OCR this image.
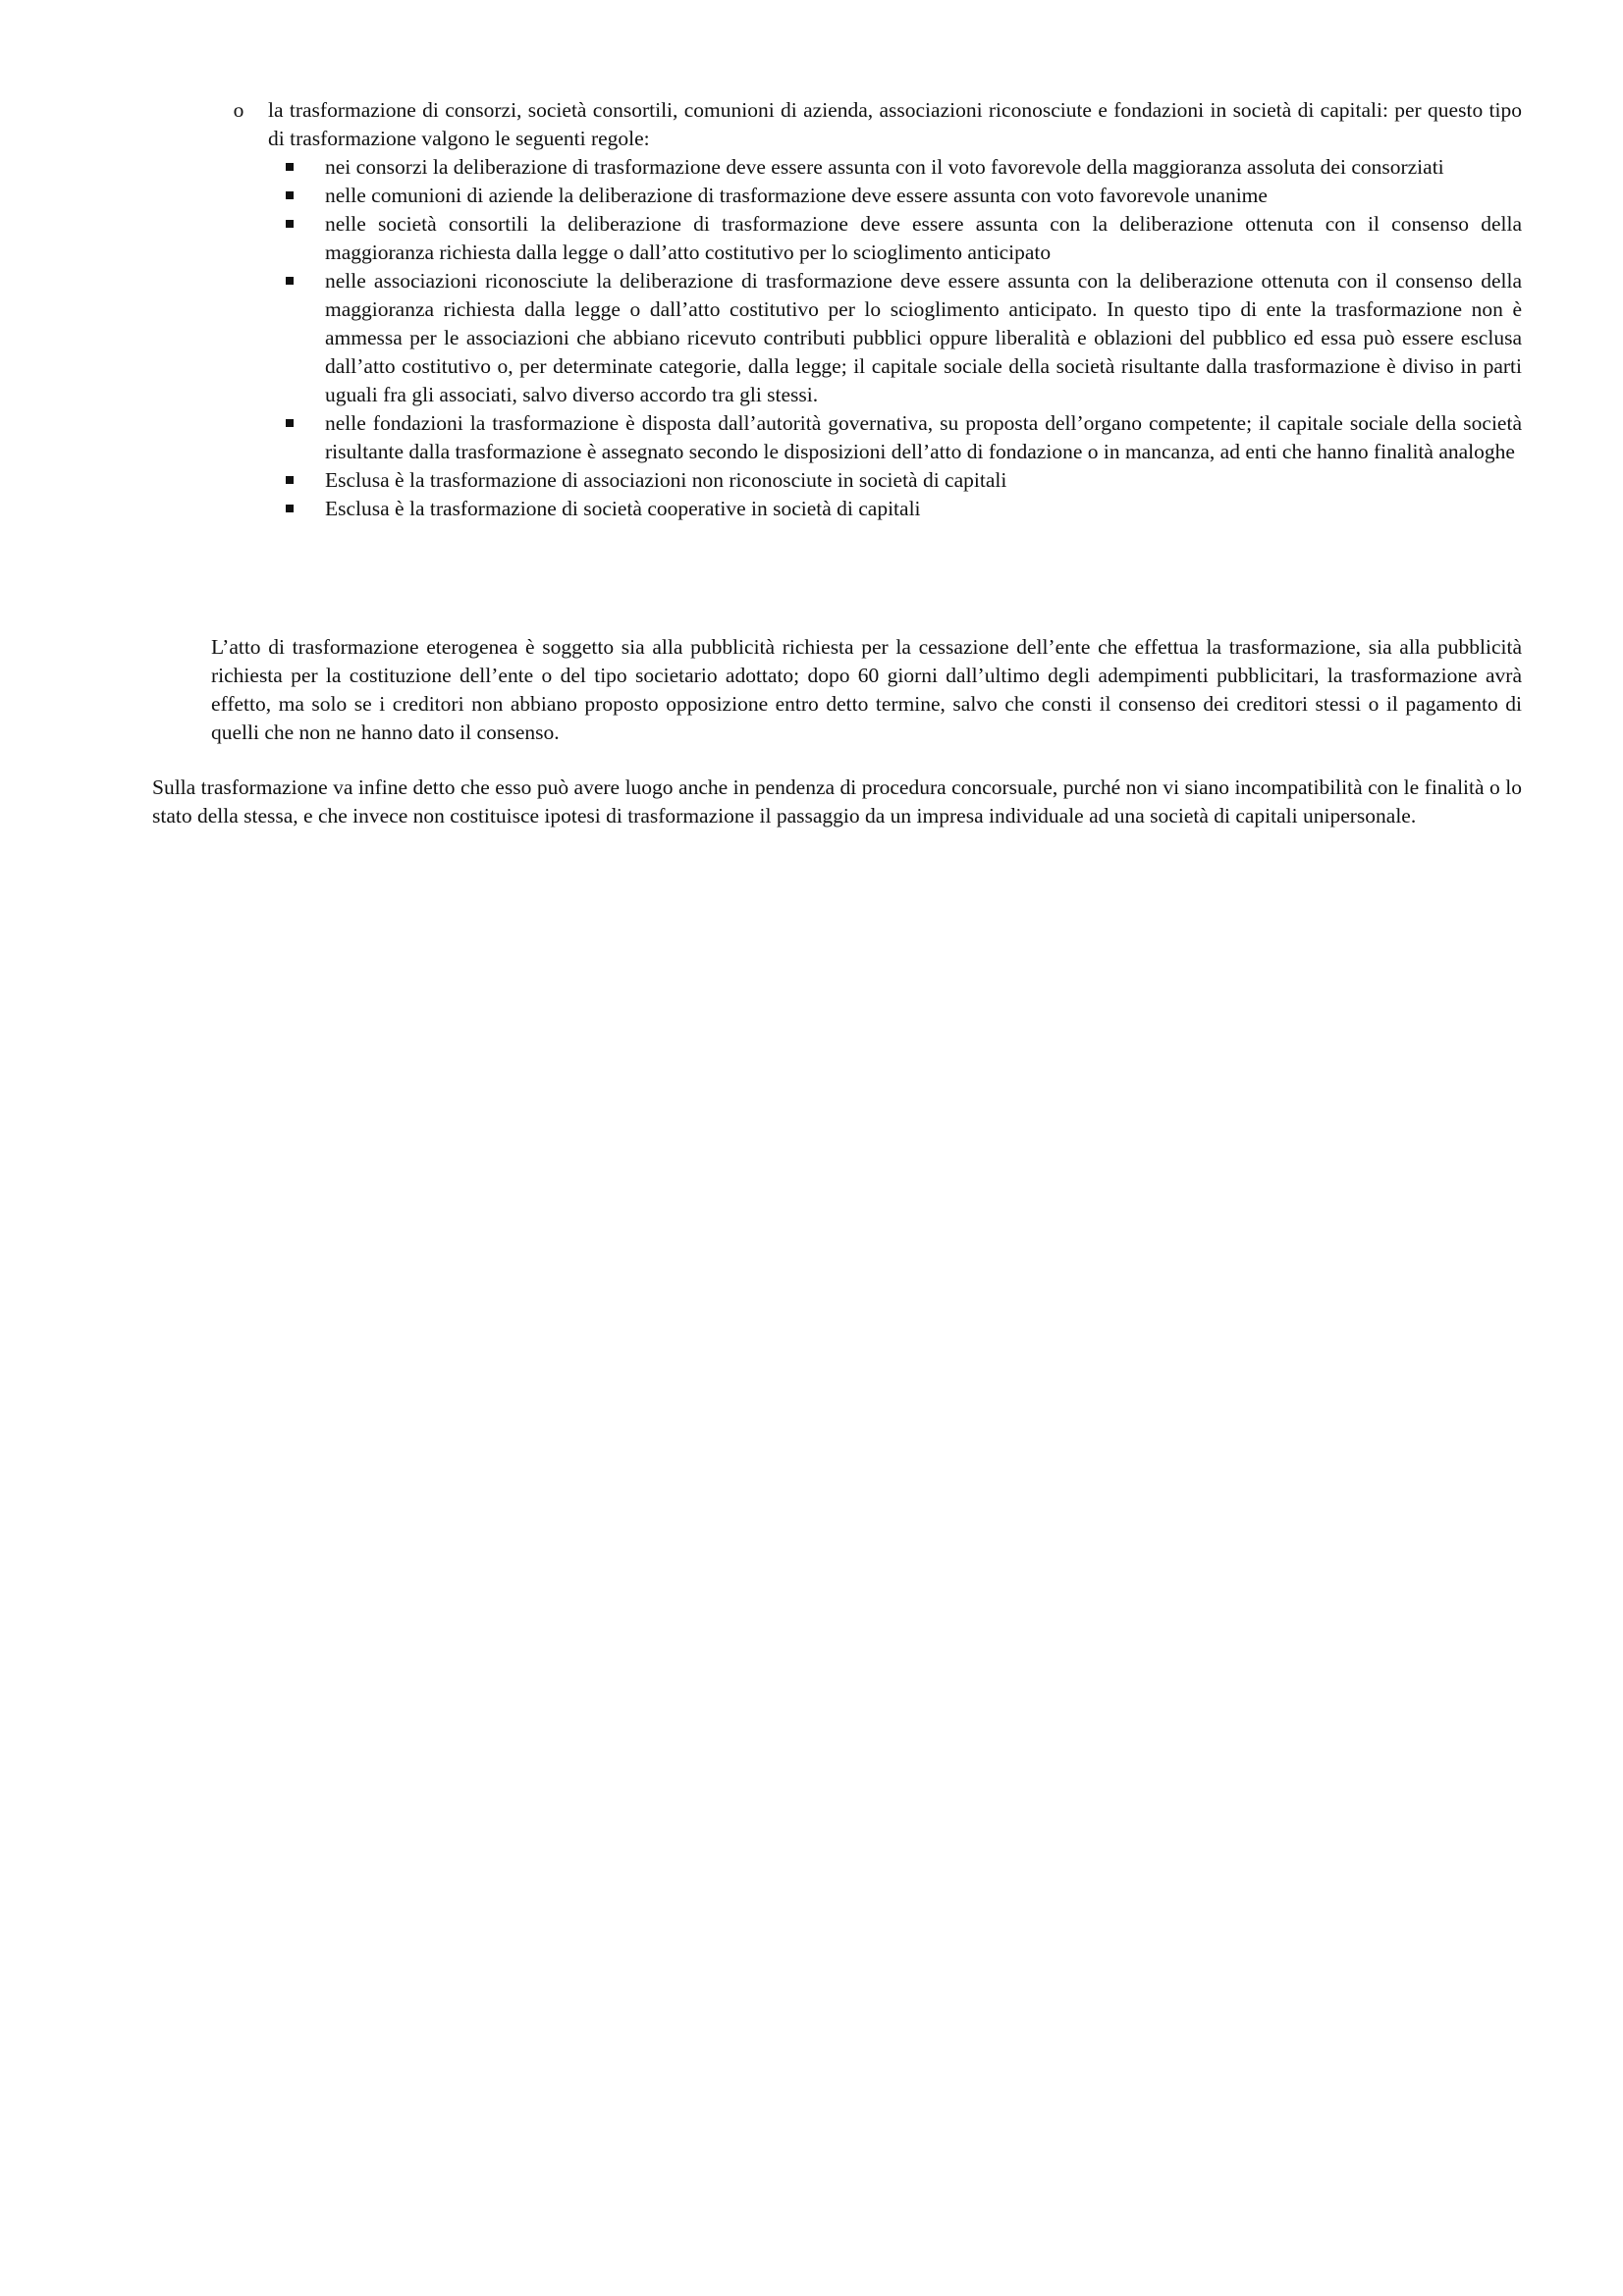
o la trasformazione di consorzi, società consortili, comunioni di azienda, associazioni riconosciute e fondazioni in società di capitali: per questo tipo di trasformazione valgono le seguenti regole:
nei consorzi la deliberazione di trasformazione deve essere assunta con il voto favorevole della maggioranza assoluta dei consorziati
nelle comunioni di aziende la deliberazione di trasformazione deve essere assunta con voto favorevole unanime
nelle società consortili la deliberazione di trasformazione deve essere assunta con la deliberazione ottenuta con il consenso della maggioranza richiesta dalla legge o dall’atto costitutivo per lo scioglimento anticipato
nelle associazioni riconosciute la deliberazione di trasformazione deve essere assunta con la deliberazione ottenuta con il consenso della maggioranza richiesta dalla legge o dall’atto costitutivo per lo scioglimento anticipato. In questo tipo di ente la trasformazione non è ammessa per le associazioni che abbiano ricevuto contributi pubblici oppure liberalità e oblazioni del pubblico ed essa può essere esclusa dall’atto costitutivo o, per determinate categorie, dalla legge; il capitale sociale della società risultante dalla trasformazione è diviso in parti uguali fra gli associati, salvo diverso accordo tra gli stessi.
nelle fondazioni la trasformazione è disposta dall’autorità governativa, su proposta dell’organo competente; il capitale sociale della società risultante dalla trasformazione è assegnato secondo le disposizioni dell’atto di fondazione o in mancanza, ad enti che hanno finalità analoghe
Esclusa è la trasformazione di associazioni non riconosciute in società di capitali
Esclusa è la trasformazione di società cooperative in società di capitali

L’atto di trasformazione eterogenea è soggetto sia alla pubblicità richiesta per la cessazione dell’ente che effettua la trasformazione, sia alla pubblicità richiesta per la costituzione dell’ente o del tipo societario adottato; dopo 60 giorni dall’ultimo degli adempimenti pubblicitari, la trasformazione avrà effetto, ma solo se i creditori non abbiano proposto opposizione entro detto termine, salvo che consti il consenso dei creditori stessi o il pagamento di quelli che non ne hanno dato il consenso.

Sulla trasformazione va infine detto che esso può avere luogo anche in pendenza di procedura concorsuale, purché non vi siano incompatibilità con le finalità o lo stato della stessa, e che invece non costituisce ipotesi di trasformazione il passaggio da un impresa individuale ad una società di capitali unipersonale.
